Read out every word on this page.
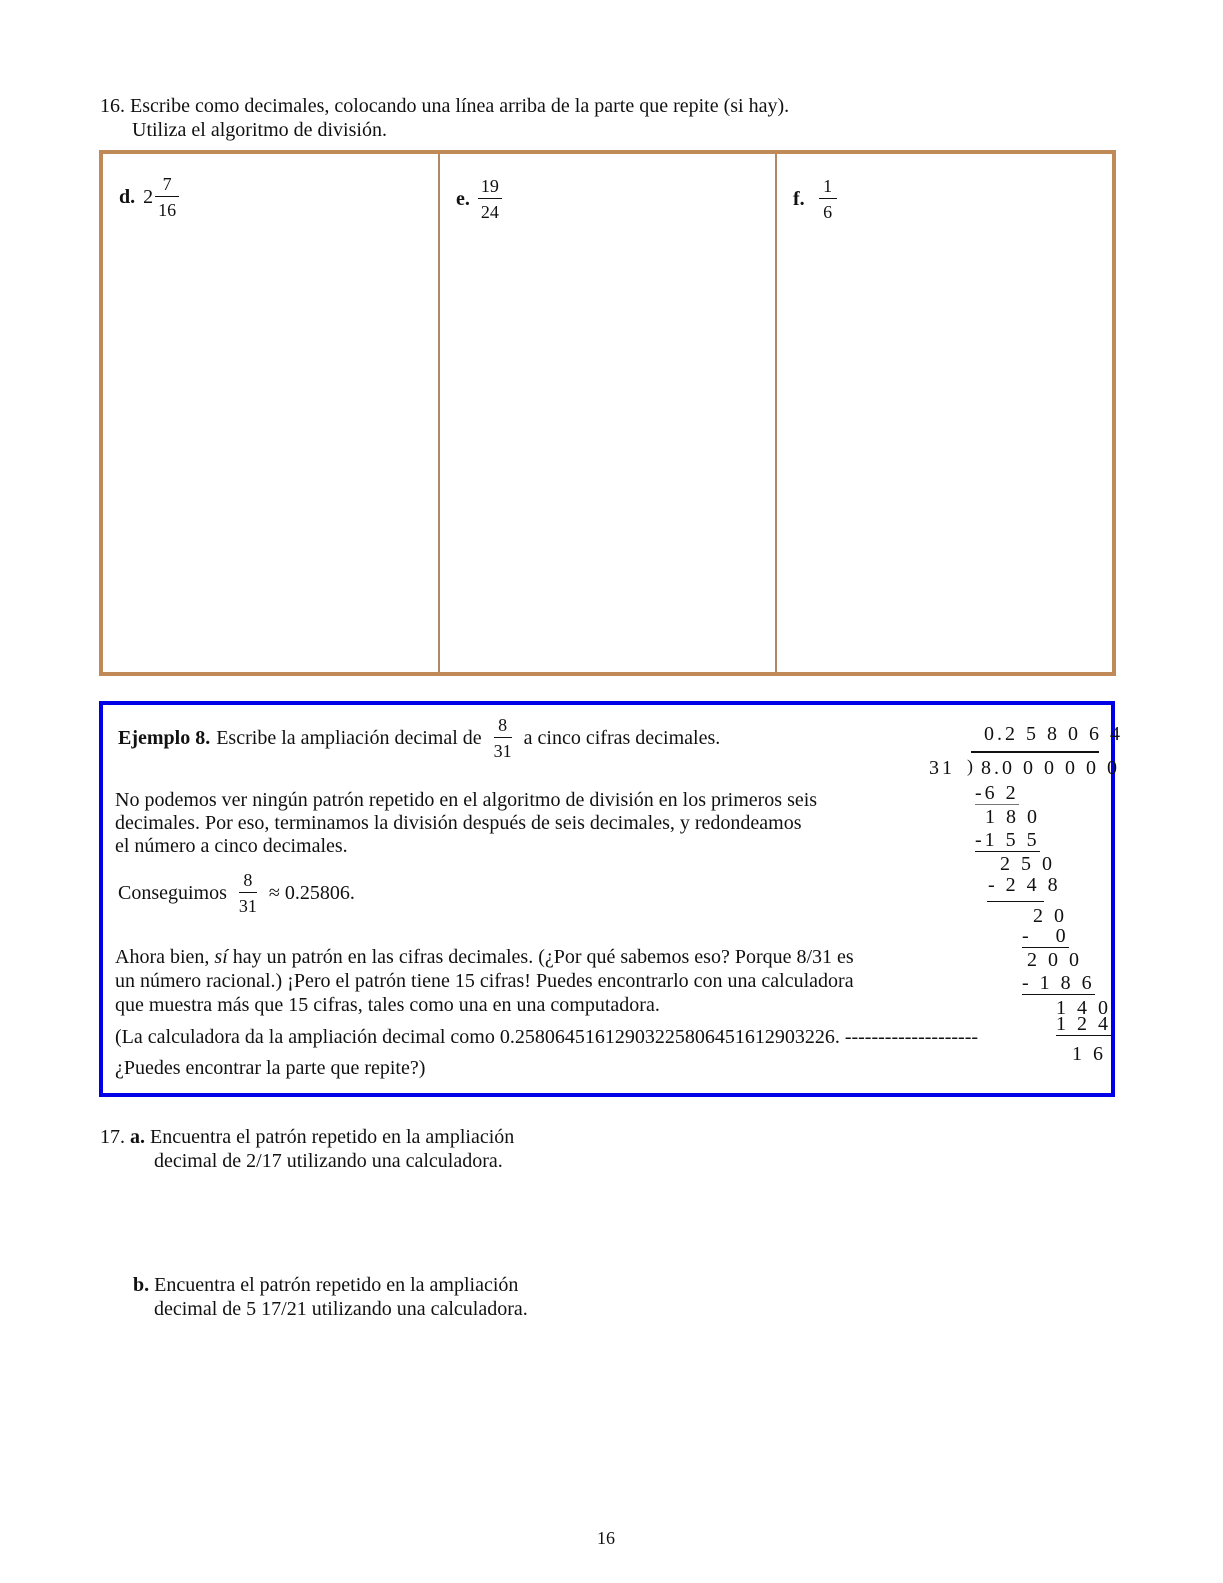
16. Escribe como decimales, colocando una línea arriba de la parte que repite (si hay).
Utiliza el algoritmo de división.
d. $2 \frac{7}{16}$	e. $\frac{19}{24}$	f. $\frac{1}{6}$
Ejemplo 8. Escribe la ampliación decimal de $\frac{8}{31}$ a cinco cifras decimales.
No podemos ver ningún patrón repetido en el algoritmo de división en los primeros seis
decimales. Por eso, terminamos la división después de seis decimales, y redondeamos
el número a cinco decimales.
Conseguimos $\frac{8}{31} \approx 0.25806$.
Ahora bien, sí hay un patrón en las cifras decimales. (¿Por qué sabemos eso? Porque 8/31 es
un número racional.) ¡Pero el patrón tiene 15 cifras! Puedes encontrarlo con una calculadora
que muestra más que 15 cifras, tales como una en una computadora.
(La calculadora da la ampliación decimal como 0.258064516129032258064516129032​26. --------------------
¿Puedes encontrar la parte que repite?)
0.2 5 8 0 6 4
31 ) 8.0 0 0 0 0 0
-6 2
1 8 0
-1 5 5
2 5 0
- 2 4 8
2 0
-   0
2 0 0
- 1 8 6
1 4 0
1 2 4
1 6
17. a. Encuentra el patrón repetido en la ampliación
decimal de 2/17 utilizando una calculadora.
b. Encuentra el patrón repetido en la ampliación
decimal de 5 17/21 utilizando una calculadora.
16
